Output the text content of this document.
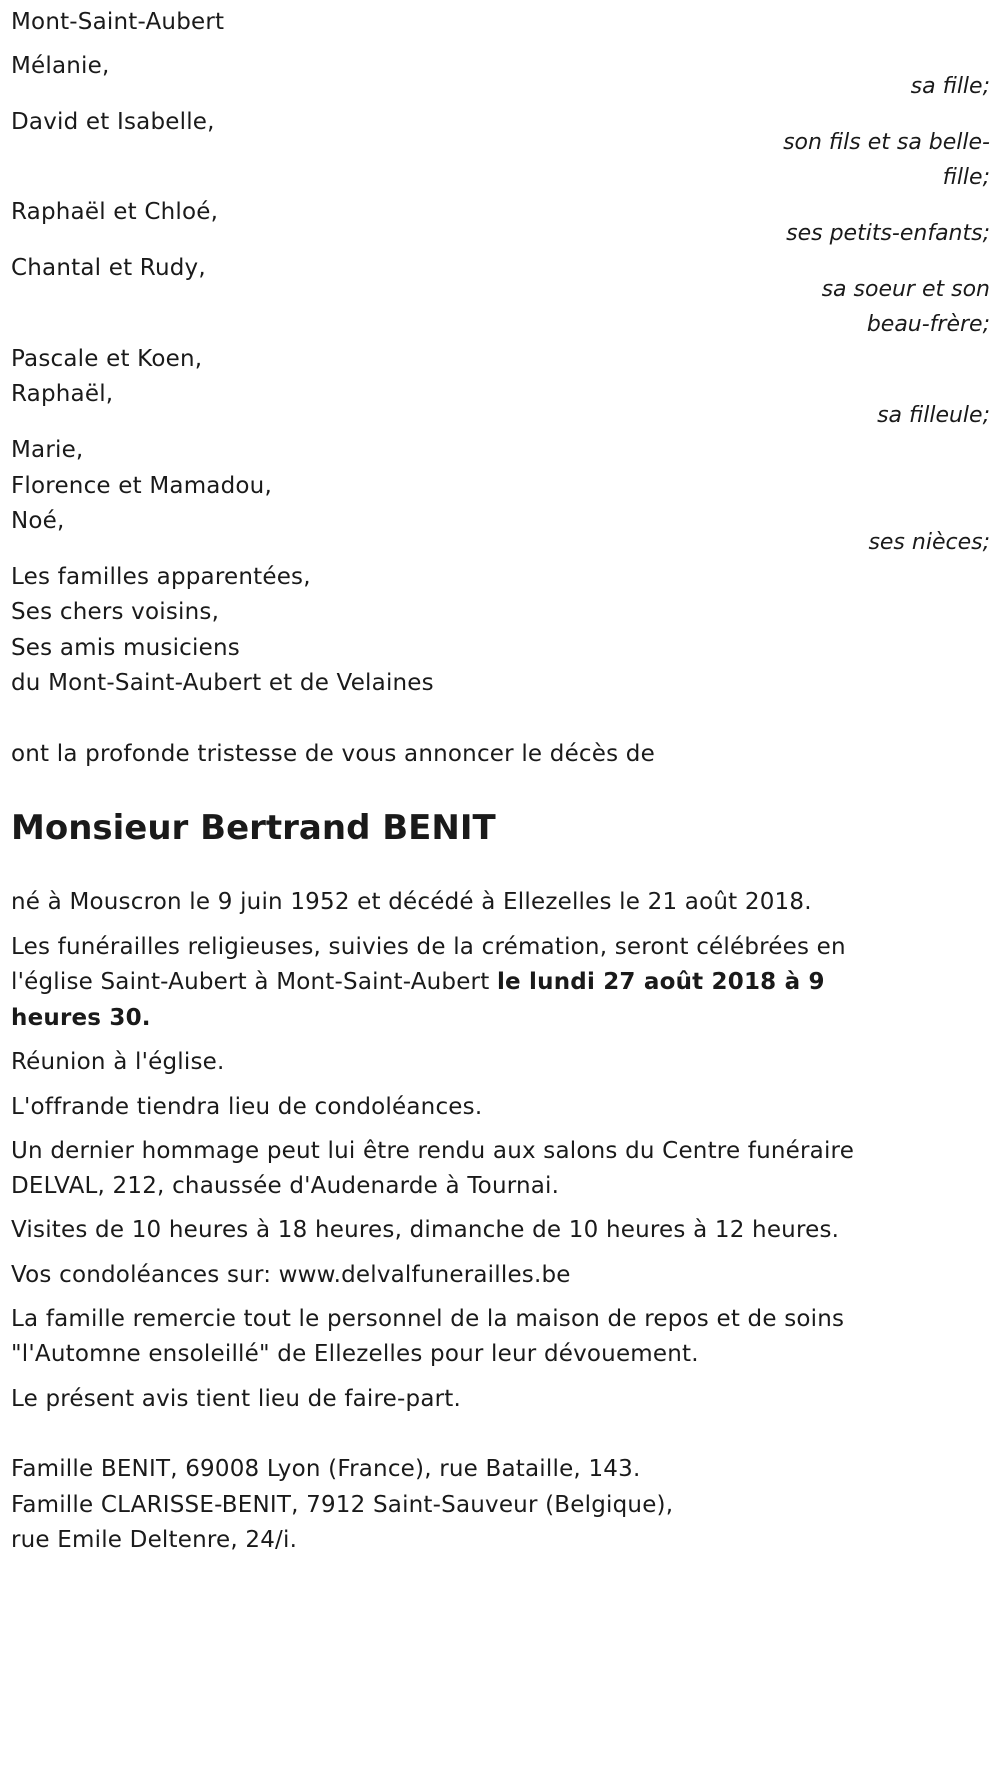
Mont-Saint-Aubert

Mélanie,

sa fille;

David et Isabelle,

son fils et sa belle-

fille;

Raphaël et Chloé,

ses petits-enfants;

Chantal et Rudy,

sa soeur et son

beau-frère;

Pascale et Koen,

Raphaël,

sa filleule;

Marie,

Florence et Mamadou,

Noé,

ses nièces;

Les familles apparentées,

Ses chers voisins,

Ses amis musiciens

du Mont-Saint-Aubert et de Velaines

ont la profonde tristesse de vous annoncer le décès de

Monsieur Bertrand BENIT

né à Mouscron le 9 juin 1952 et décédé à Ellezelles le 21 août 2018.

Les funérailles religieuses, suivies de la crémation, seront célébrées en

l'église Saint-Aubert à Mont-Saint-Aubert le lundi 27 août 2018 à 9

heures 30.

Réunion à l'église.

L'offrande tiendra lieu de condoléances.

Un dernier hommage peut lui être rendu aux salons du Centre funéraire

DELVAL, 212, chaussée d'Audenarde à Tournai.

Visites de 10 heures à 18 heures, dimanche de 10 heures à 12 heures.

Vos condoléances sur: www.delvalfunerailles.be

La famille remercie tout le personnel de la maison de repos et de soins

"l'Automne ensoleillé" de Ellezelles pour leur dévouement.

Le présent avis tient lieu de faire-part.

Famille BENIT, 69008 Lyon (France), rue Bataille, 143.

Famille CLARISSE-BENIT, 7912 Saint-Sauveur (Belgique),

rue Emile Deltenre, 24/i.
